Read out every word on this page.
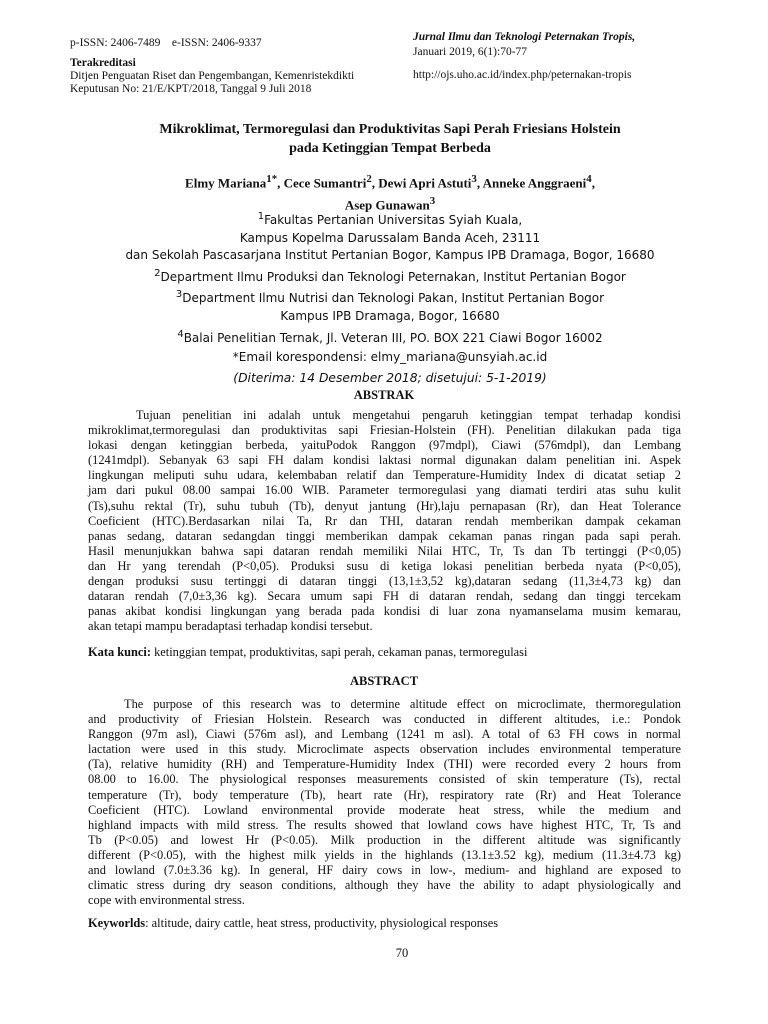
p-ISSN: 2406-7489    e-ISSN: 2406-9337
Terakreditasi
Ditjen Penguatan Riset dan Pengembangan, Kemenristekdikti
Keputusan No: 21/E/KPT/2018, Tanggal 9 Juli 2018
Jurnal Ilmu dan Teknologi Peternakan Tropis,
Januari 2019, 6(1):70-77
http://ojs.uho.ac.id/index.php/peternakan-tropis
Mikroklimat, Termoregulasi dan Produktivitas Sapi Perah Friesians Holstein
pada Ketinggian Tempat Berbeda
Elmy Mariana$^{1*}$, Cece Sumantri$^2$, Dewi Apri Astuti$^3$, Anneke Anggraeni$^4$,
Asep Gunawan$^3$
$^1$Fakultas Pertanian Universitas Syiah Kuala,
Kampus Kopelma Darussalam Banda Aceh, 23111
dan Sekolah Pascasarjana Institut Pertanian Bogor, Kampus IPB Dramaga, Bogor, 16680
$^2$Department Ilmu Produksi dan Teknologi Peternakan, Institut Pertanian Bogor
$^3$Department Ilmu Nutrisi dan Teknologi Pakan, Institut Pertanian Bogor
Kampus IPB Dramaga, Bogor, 16680
$^4$Balai Penelitian Ternak, Jl. Veteran III, PO. BOX 221 Ciawi Bogor 16002
*Email korespondensi: elmy_mariana@unsyiah.ac.id
(Diterima: 14 Desember 2018; disetujui: 5-1-2019)
ABSTRAK
Tujuan penelitian ini adalah untuk mengetahui pengaruh ketinggian tempat terhadap kondisi
mikroklimat,termoregulasi dan produktivitas sapi Friesian-Holstein (FH). Penelitian dilakukan pada tiga
lokasi dengan ketinggian berbeda, yaituPodok Ranggon (97mdpl), Ciawi (576mdpl), dan Lembang
(1241mdpl). Sebanyak 63 sapi FH dalam kondisi laktasi normal digunakan dalam penelitian ini. Aspek
lingkungan meliputi suhu udara, kelembaban relatif dan Temperature-Humidity Index di dicatat setiap 2
jam dari pukul 08.00 sampai 16.00 WIB. Parameter termoregulasi yang diamati terdiri atas suhu kulit
(Ts),suhu rektal (Tr), suhu tubuh (Tb), denyut jantung (Hr),laju pernapasan (Rr), dan Heat Tolerance
Coeficient (HTC).Berdasarkan nilai Ta, Rr dan THI, dataran rendah memberikan dampak cekaman
panas sedang, dataran sedangdan tinggi memberikan dampak cekaman panas ringan pada sapi perah.
Hasil menunjukkan bahwa sapi dataran rendah memiliki Nilai HTC, Tr, Ts dan Tb tertinggi (P<0,05)
dan Hr yang terendah (P<0,05). Produksi susu di ketiga lokasi penelitian berbeda nyata (P<0,05),
dengan produksi susu tertinggi di dataran tinggi (13,1±3,52 kg),dataran sedang (11,3±4,73 kg) dan
dataran rendah (7,0±3,36 kg). Secara umum sapi FH di dataran rendah, sedang dan tinggi tercekam
panas akibat kondisi lingkungan yang berada pada kondisi di luar zona nyamanselama musim kemarau,
akan tetapi mampu beradaptasi terhadap kondisi tersebut.
Kata kunci: ketinggian tempat, produktivitas, sapi perah, cekaman panas, termoregulasi
ABSTRACT
The purpose of this research was to determine altitude effect on microclimate, thermoregulation
and productivity of Friesian Holstein. Research was conducted in different altitudes, i.e.: Pondok
Ranggon (97m asl), Ciawi (576m asl), and Lembang (1241 m asl). A total of 63 FH cows in normal
lactation were used in this study. Microclimate aspects observation includes environmental temperature
(Ta), relative humidity (RH) and Temperature-Humidity Index (THI) were recorded every 2 hours from
08.00 to 16.00. The physiological responses measurements consisted of skin temperature (Ts), rectal
temperature (Tr), body temperature (Tb), heart rate (Hr), respiratory rate (Rr) and Heat Tolerance
Coeficient (HTC). Lowland environmental provide moderate heat stress, while the medium and
highland impacts with mild stress. The results showed that lowland cows have highest HTC, Tr, Ts and
Tb (P<0.05) and lowest Hr (P<0.05). Milk production in the different altitude was significantly
different (P<0.05), with the highest milk yields in the highlands (13.1±3.52 kg), medium (11.3±4.73 kg)
and lowland (7.0±3.36 kg). In general, HF dairy cows in low-, medium- and highland are exposed to
climatic stress during dry season conditions, although they have the ability to adapt physiologically and
cope with environmental stress.
Keyworlds: altitude, dairy cattle, heat stress, productivity, physiological responses
70
